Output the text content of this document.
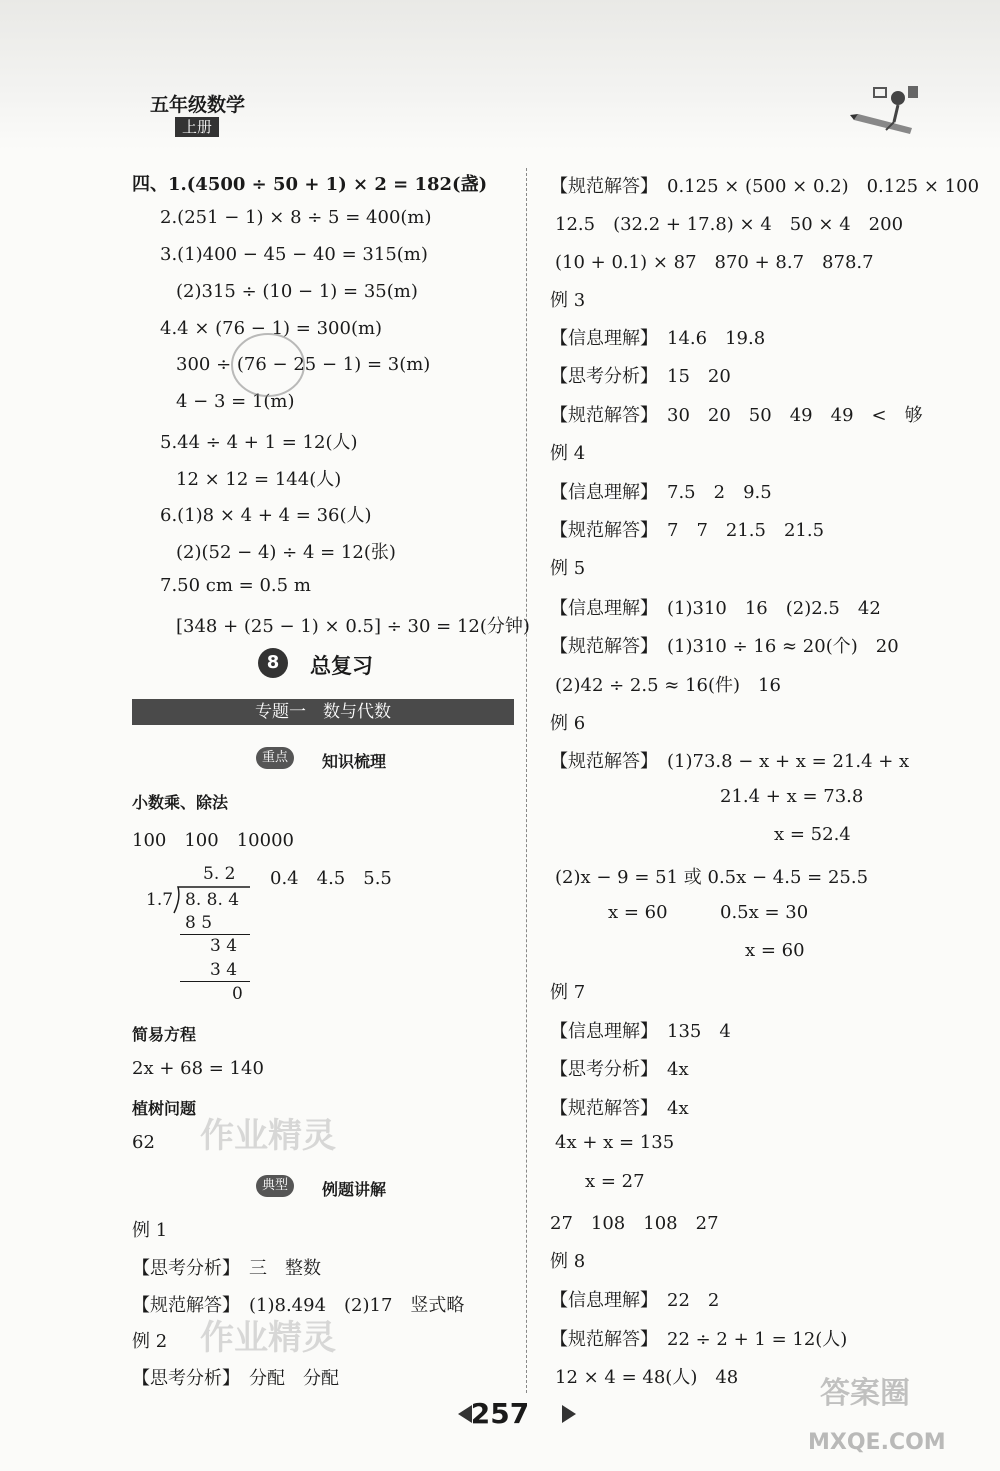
五年级数学
上册
四、1.(4500 ÷ 50 + 1) × 2 = 182(盏)
2.(251 − 1) × 8 ÷ 5 = 400(m)
3.(1)400 − 45 − 40 = 315(m)
(2)315 ÷ (10 − 1) = 35(m)
4.4 × (76 − 1) = 300(m)
300 ÷ (76 − 25 − 1) = 3(m)
4 − 3 = 1(m)
5.44 ÷ 4 + 1 = 12(人)
12 × 12 = 144(人)
6.(1)8 × 4 + 4 = 36(人)
(2)(52 − 4) ÷ 4 = 12(张)
7.50 cm = 0.5 m
[348 + (25 − 1) × 0.5] ÷ 30 = 12(分钟)
8	总复习
专题一　数与代数
重点	知识梳理
小数乘、除法
100　100　10000
0.4　4.5　5.5
5. 2
1.7 8. 8. 4
8 5
3 4
3 4
0
简易方程
2x + 68 = 140
植树问题
62 作业精灵
典型	例题讲解
例 1
【思考分析】　三　整数
【规范解答】　(1)8.494　(2)17　竖式略
例 2
【思考分析】　分配　分配
作业精灵
【规范解答】　0.125 × (500 × 0.2)　0.125 × 100
12.5　(32.2 + 17.8) × 4　50 × 4　200
(10 + 0.1) × 87　870 + 8.7　878.7
例 3
【信息理解】　14.6　19.8
【思考分析】　15　20
【规范解答】　30　20　50　49　49　<　够
例 4
【信息理解】　7.5　2　9.5
【规范解答】　7　7　21.5　21.5
例 5
【信息理解】　(1)310　16　(2)2.5　42
【规范解答】　(1)310 ÷ 16 ≈ 20(个)　20
(2)42 ÷ 2.5 ≈ 16(件)　16
例 6
【规范解答】　(1)73.8 − x + x = 21.4 + x
21.4 + x = 73.8
x = 52.4
(2)x − 9 = 51 或 0.5x − 4.5 = 25.5
x = 60	0.5x = 30
x = 60
例 7
【信息理解】　135　4
【思考分析】　4x
【规范解答】　4x
4x + x = 135
x = 27
27　108　108　27
例 8
【信息理解】　22　2
【规范解答】　22 ÷ 2 + 1 = 12(人)
12 × 4 = 48(人)　48
257
答案圈
MXQE.COM
